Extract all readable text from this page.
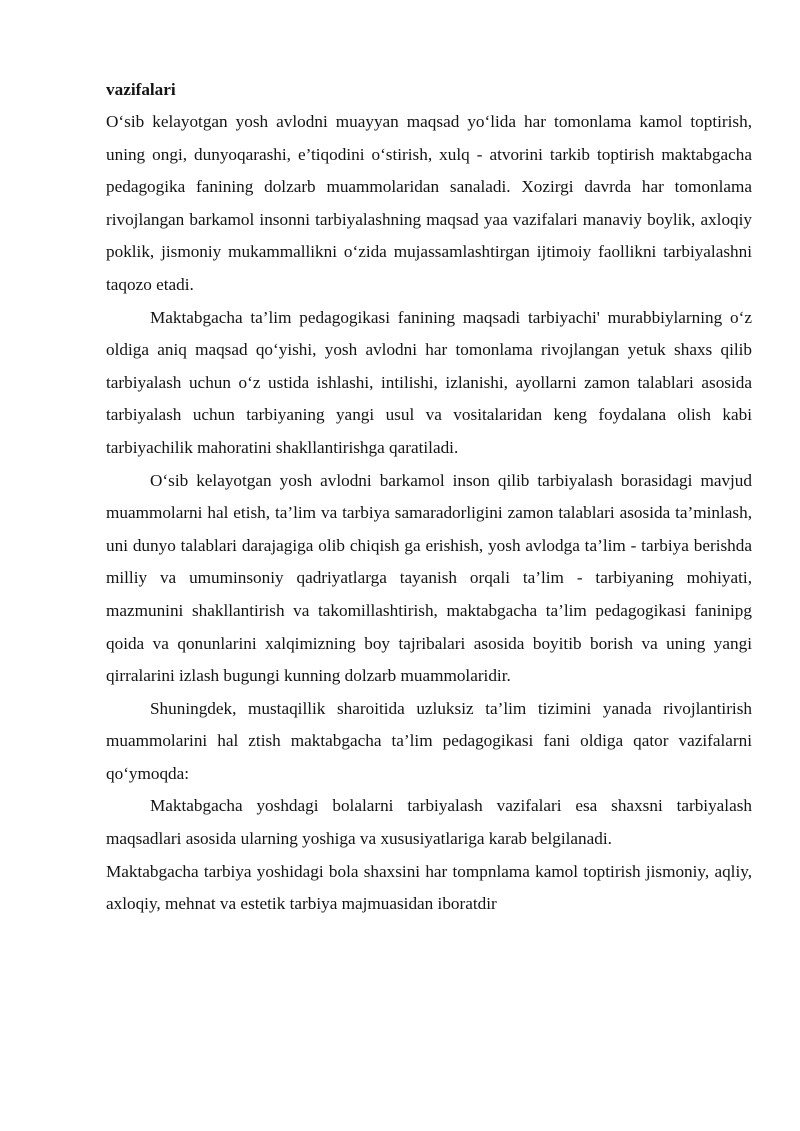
vazifalari

O‘sib kelayotgan yosh avlodni muayyan maqsad yo‘lida har tomonlama kamol toptirish, uning ongi, dunyoqarashi, e’tiqodini o‘stirish, xulq - atvorini tarkib toptirish maktabgacha pedagogika fanining dolzarb muammolaridan sanaladi. Xozirgi davrda har tomonlama rivojlangan barkamol insonni tarbiyalashning maqsad yaa vazifalari manaviy boylik, axloqiy poklik, jismoniy mukammallikni o‘zida mujassamlashtirgan ijtimoiy faollikni tarbiyalashni taqozo etadi.

Maktabgacha ta’lim pedagogikasi fanining maqsadi tarbiyachi' murabbiylarning o‘z oldiga aniq maqsad qo‘yishi, yosh avlodni har tomonlama rivojlangan yetuk shaxs qilib tarbiyalash uchun o‘z ustida ishlashi, intilishi, izlanishi, ayollarni zamon talablari asosida tarbiyalash uchun tarbiyaning yangi usul va vositalaridan keng foydalana olish kabi tarbiyachilik mahoratini shakllantirishga qaratiladi.

O‘sib kelayotgan yosh avlodni barkamol inson qilib tarbiyalash borasidagi mavjud muammolarni hal etish, ta’lim va tarbiya samaradorligini zamon talablari asosida ta’minlash, uni dunyo talablari darajagiga olib chiqish ga erishish, yosh avlodga ta’lim - tarbiya berishda milliy va umuminsoniy qadriyatlarga tayanish orqali ta’lim - tarbiyaning mohiyati, mazmunini shakllantirish va takomillashtirish, maktabgacha ta’lim pedagogikasi faninipg qoida va qonunlarini xalqimizning boy tajribalari asosida boyitib borish va uning yangi qirralarini izlash bugungi kunning dolzarb muammolaridir.

Shuningdek, mustaqillik sharoitida uzluksiz ta’lim tizimini yanada rivojlantirish muammolarini hal ztish maktabgacha ta’lim pedagogikasi fani oldiga qator vazifalarni qo‘ymoqda:

Maktabgacha yoshdagi bolalarni tarbiyalash vazifalari esa shaxsni tarbiyalash maqsadlari asosida ularning yoshiga va xususiyatlariga karab belgilanadi.

Maktabgacha tarbiya yoshidagi bola shaxsini har tompnlama kamol toptirish jismoniy, aqliy, axloqiy, mehnat va estetik tarbiya majmuasidan iboratdir
